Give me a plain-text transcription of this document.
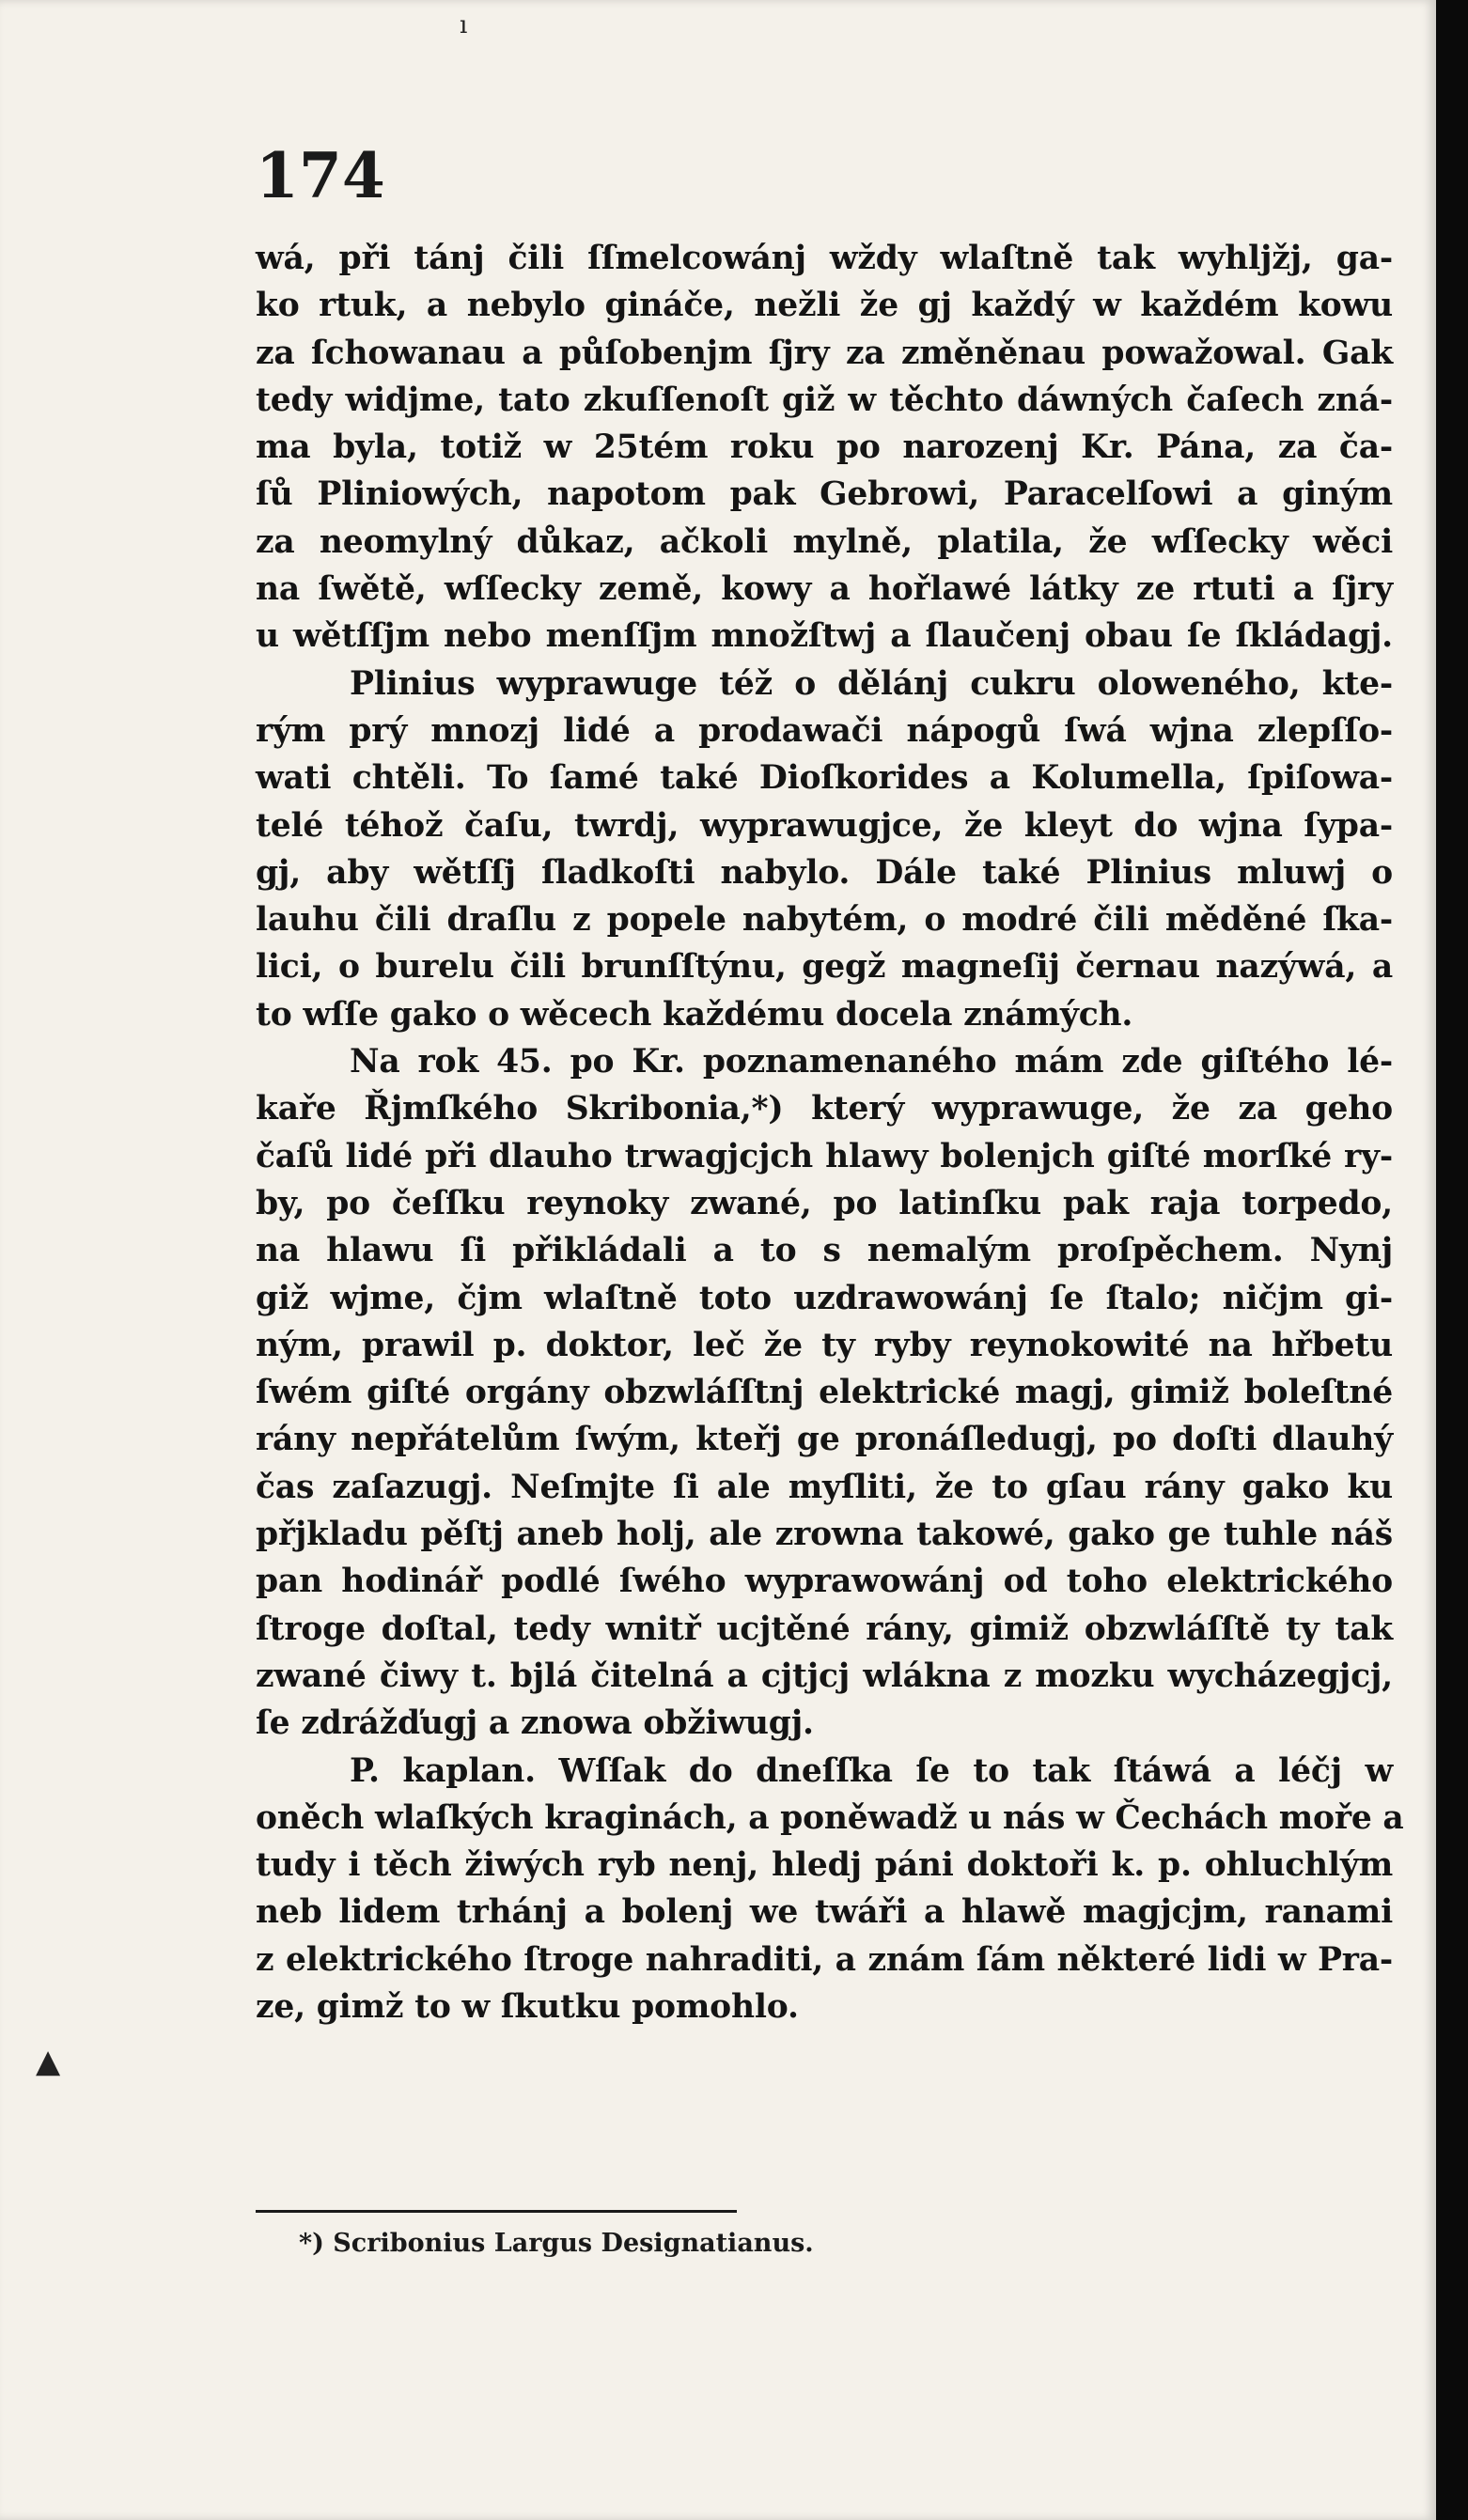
ı
▲
174
wá, při tánj čili ſſmelcowánj wždy wlaſtně tak wyhljžj, ga-
ko rtuk, a nebylo gináče, nežli že gj každý w každém kowu
za ſchowanau a půſobenjm ſjry za změněnau powažowal. Gak
tedy widjme, tato zkuſſenoſt giž w těchto dáwných čaſech zná-
ma byla, totiž w 25tém roku po narozenj Kr. Pána, za ča-
ſů Pliniowých, napotom pak Gebrowi, Paracelſowi a giným
za neomylný důkaz, ačkoli mylně, platila, že wſſecky wěci
na ſwětě, wſſecky země, kowy a hořlawé látky ze rtuti a ſjry
u wětſſjm nebo menſſjm množſtwj a ſlaučenj obau ſe ſkládagj.
Plinius wyprawuge též o dělánj cukru oloweného, kte-
rým prý mnozj lidé a prodawači nápogů ſwá wjna zlepſſo-
wati chtěli. To ſamé také Dioſkorides a Kolumella, ſpiſowa-
telé téhož čaſu, twrdj, wyprawugjce, že kleyt do wjna ſypa-
gj, aby wětſſj ſladkoſti nabylo. Dále také Plinius mluwj o
lauhu čili draſlu z popele nabytém, o modré čili měděné ſka-
lici, o burelu čili brunſſtýnu, gegž magneſij černau nazýwá, a
to wſſe gako o wěcech každému docela známých.
Na rok 45. po Kr. poznamenaného mám zde giſtého lé-
kaře Řjmſkého Skribonia,*) který wyprawuge, že za geho
čaſů lidé při dlauho trwagjcjch hlawy bolenjch giſté morſké ry-
by, po čeſſku reynoky zwané, po latinſku pak raja torpedo,
na hlawu ſi přikládali a to s nemalým proſpěchem. Nynj
giž wjme, čjm wlaſtně toto uzdrawowánj ſe ſtalo; ničjm gi-
ným, prawil p. doktor, leč že ty ryby reynokowité na hřbetu
ſwém giſté orgány obzwláſſtnj elektrické magj, gimiž boleſtné
rány nepřátelům ſwým, kteřj ge pronáſledugj, po doſti dlauhý
čas zaſazugj. Neſmjte ſi ale myſliti, že to gſau rány gako ku
přjkladu pěſtj aneb holj, ale zrowna takowé, gako ge tuhle náš
pan hodinář podlé ſwého wyprawowánj od toho elektrického
ſtroge doſtal, tedy wnitř ucjtěné rány, gimiž obzwláſſtě ty tak
zwané čiwy t. bjlá čitelná a cjtjcj wlákna z mozku wycházegjcj,
ſe zdrážďugj a znowa obžiwugj.
P. kaplan. Wſſak do dneſſka ſe to tak ſtáwá a léčj w
oněch wlaſkých kraginách, a poněwadž u nás w Čechách moře a
tudy i těch žiwých ryb nenj, hledj páni doktoři k. p. ohluchlým
neb lidem trhánj a bolenj we twáři a hlawě magjcjm, ranami
z elektrického ſtroge nahraditi, a znám ſám některé lidi w Pra-
ze, gimž to w ſkutku pomohlo.
*) Scribonius Largus Designatianus.
